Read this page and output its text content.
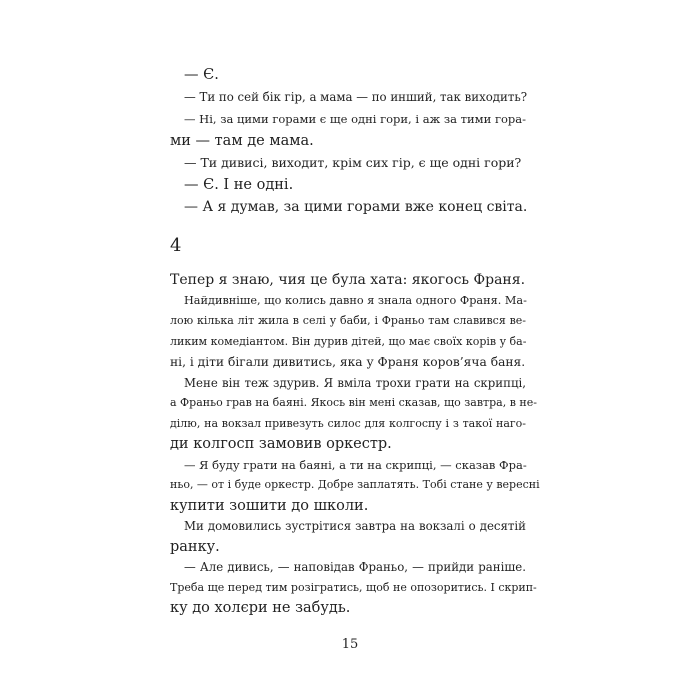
— Є.

— Ти по сей бік гір, а мама — по инший, так виходить?

— Ні, за цими горами є ще одні гори, і аж за тими гора-

ми — там де мама.

— Ти дивисі, виходит, крім сих гір, є ще одні гори?

— Є. І не одні.

— А я думав, за цими горами вже конец світа.

4

Тепер я знаю, чия це була хата: якогось Франя.

Найдивніше, що колись давно я знала одного Франя. Ма-

лою кілька літ жила в селі у баби, і Франьо там славився ве-

ликим комедіантом. Він дурив дітей, що має своїх корів у ба-

ні, і діти бігали дивитись, яка у Франя коров’яча баня.

Мене він теж здурив. Я вміла трохи грати на скрипці,

а Франьо грав на баяні. Якось він мені сказав, що завтра, в не-

ділю, на вокзал привезуть силос для колгоспу і з такої наго-

ди колгосп замовив оркестр.

— Я буду грати на баяні, а ти на скрипці, — сказав Фра-

ньо, — от і буде оркестр. Добре заплатять. Тобі стане у вересні

купити зошити до школи.

Ми домовились зустрітися завтра на вокзалі о десятій

ранку.

— Але дивись, — наповідав Франьо, — прийди раніше.

Треба ще перед тим розігратись, щоб не опозоритись. І скрип-

ку до холєри не забудь.

15
